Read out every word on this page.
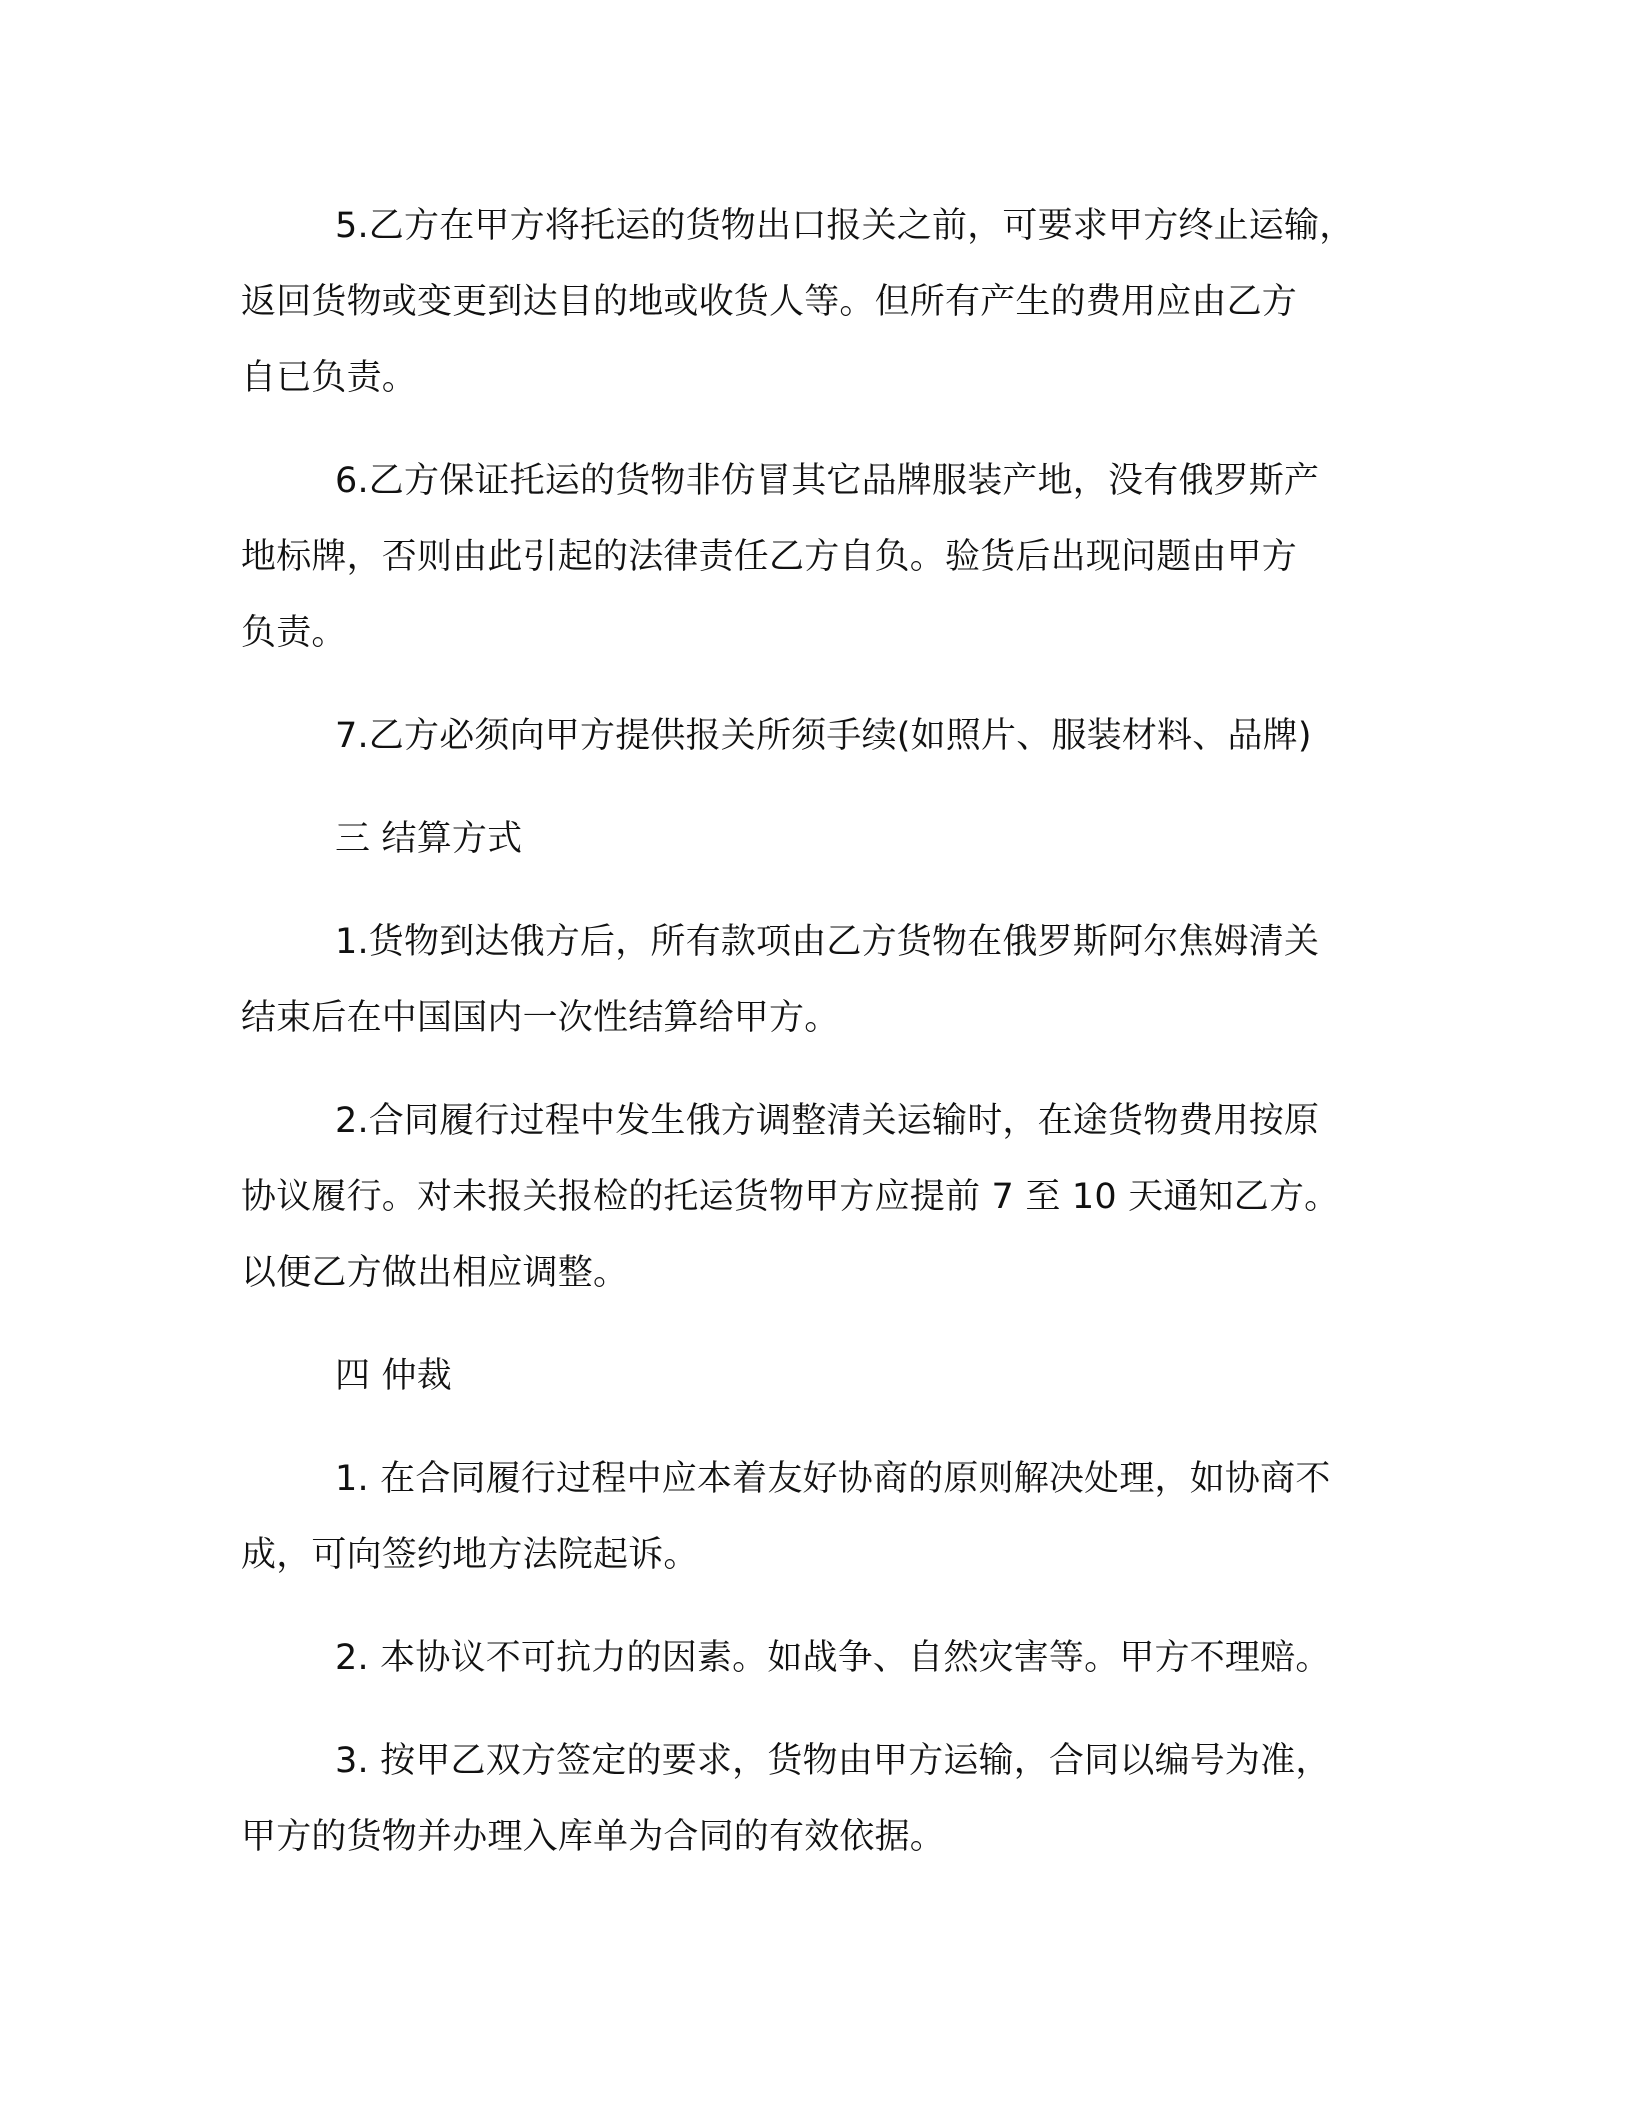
5.乙方在甲方将托运的货物出口报关之前，可要求甲方终止运输，
返回货物或变更到达目的地或收货人等。但所有产生的费用应由乙方
自已负责。

6.乙方保证托运的货物非仿冒其它品牌服装产地，没有俄罗斯产
地标牌，否则由此引起的法律责任乙方自负。验货后出现问题由甲方
负责。

7.乙方必须向甲方提供报关所须手续(如照片、服装材料、品牌)

三 结算方式

1.货物到达俄方后，所有款项由乙方货物在俄罗斯阿尔焦姆清关
结束后在中国国内一次性结算给甲方。

2.合同履行过程中发生俄方调整清关运输时，在途货物费用按原
协议履行。对未报关报检的托运货物甲方应提前 7 至 10 天通知乙方。
以便乙方做出相应调整。

四 仲裁

1. 在合同履行过程中应本着友好协商的原则解决处理，如协商不
成，可向签约地方法院起诉。

2. 本协议不可抗力的因素。如战争、自然灾害等。甲方不理赔。

3. 按甲乙双方签定的要求，货物由甲方运输，合同以编号为准，
甲方的货物并办理入库单为合同的有效依据。
